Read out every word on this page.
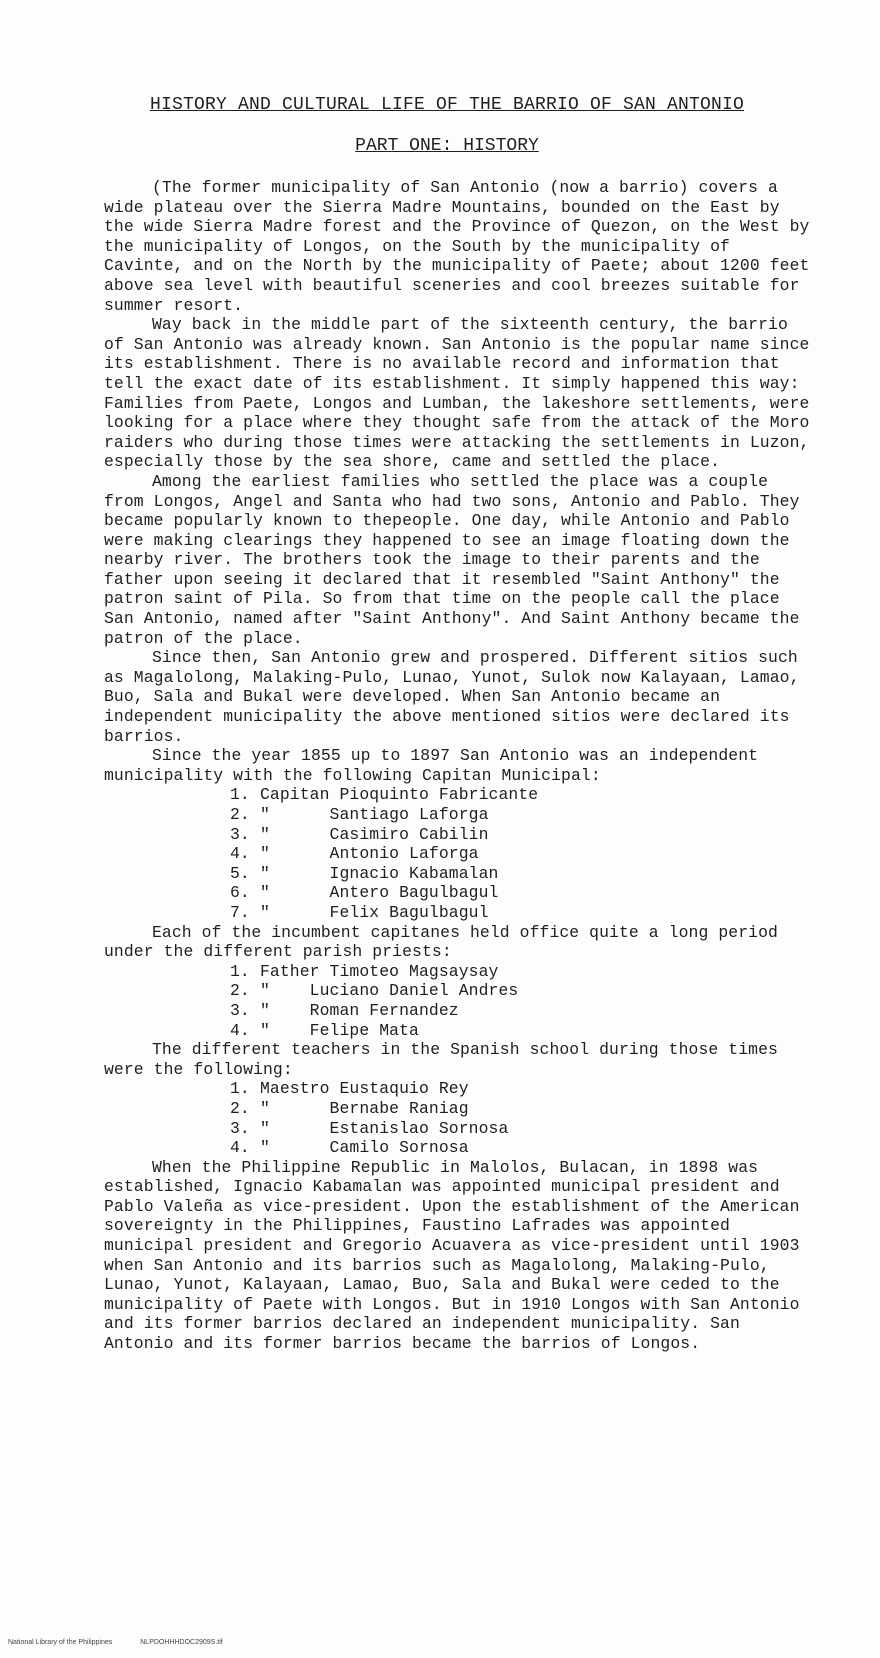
HISTORY AND CULTURAL LIFE OF THE BARRIO OF SAN ANTONIO
PART ONE: HISTORY

(The former municipality of San Antonio (now a barrio) covers a wide plateau over the Sierra Madre Mountains, bounded on the East by the wide Sierra Madre forest and the Province of Quezon, on the West by the municipality of Longos, on the South by the municipality of Cavinte, and on the North by the municipality of Paete; about 1200 feet above sea level with beautiful sceneries and cool breezes suitable for summer resort.

Way back in the middle part of the sixteenth century, the barrio of San Antonio was already known. San Antonio is the popular name since its establishment. There is no available record and information that tell the exact date of its establishment. It simply happened this way: Families from Paete, Longos and Lumban, the lakeshore settlements, were looking for a place where they thought safe from the attack of the Moro raiders who during those times were attacking the settlements in Luzon, especially those by the sea shore, came and settled the place.

Among the earliest families who settled the place was a couple from Longos, Angel and Santa who had two sons, Antonio and Pablo. They became popularly known to thepeople. One day, while Antonio and Pablo were making clearings they happened to see an image floating down the nearby river. The brothers took the image to their parents and the father upon seeing it declared that it resembled "Saint Anthony" the patron saint of Pila. So from that time on the people call the place San Antonio, named after "Saint Anthony". And Saint Anthony became the patron of the place.

Since then, San Antonio grew and prospered. Different sitios such as Magalolong, Malaking-Pulo, Lunao, Yunot, Sulok now Kalayaan, Lamao, Buo, Sala and Bukal were developed. When San Antonio became an independent municipality the above mentioned sitios were declared its barrios.

Since the year 1855 up to 1897 San Antonio was an independent municipality with the following Capitan Municipal:

1. Capitan Pioquinto Fabricante
2. "      Santiago Laforga
3. "      Casimiro Cabilin
4. "      Antonio Laforga
5. "      Ignacio Kabamalan
6. "      Antero Bagulbagul
7. "      Felix Bagulbagul

Each of the incumbent capitanes held office quite a long period under the different parish priests:

1. Father Timoteo Magsaysay
2. "    Luciano Daniel Andres
3. "    Roman Fernandez
4. "    Felipe Mata

The different teachers in the Spanish school during those times were the following:

1. Maestro Eustaquio Rey
2. "      Bernabe Raniag
3. "      Estanislao Sornosa
4. "      Camilo Sornosa

When the Philippine Republic in Malolos, Bulacan, in 1898 was established, Ignacio Kabamalan was appointed municipal president and Pablo Valeña as vice-president. Upon the establishment of the American sovereignty in the Philippines, Faustino Lafrades was appointed municipal president and Gregorio Acuavera as vice-president until 1903 when San Antonio and its barrios such as Magalolong, Malaking-Pulo, Lunao, Yunot, Kalayaan, Lamao, Buo, Sala and Bukal were ceded to the municipality of Paete with Longos. But in 1910 Longos with San Antonio and its former barrios declared an independent municipality. San Antonio and its former barrios became the barrios of Longos.

National Library of the Philippines	NLPDOHHHDOC2909S.tif
